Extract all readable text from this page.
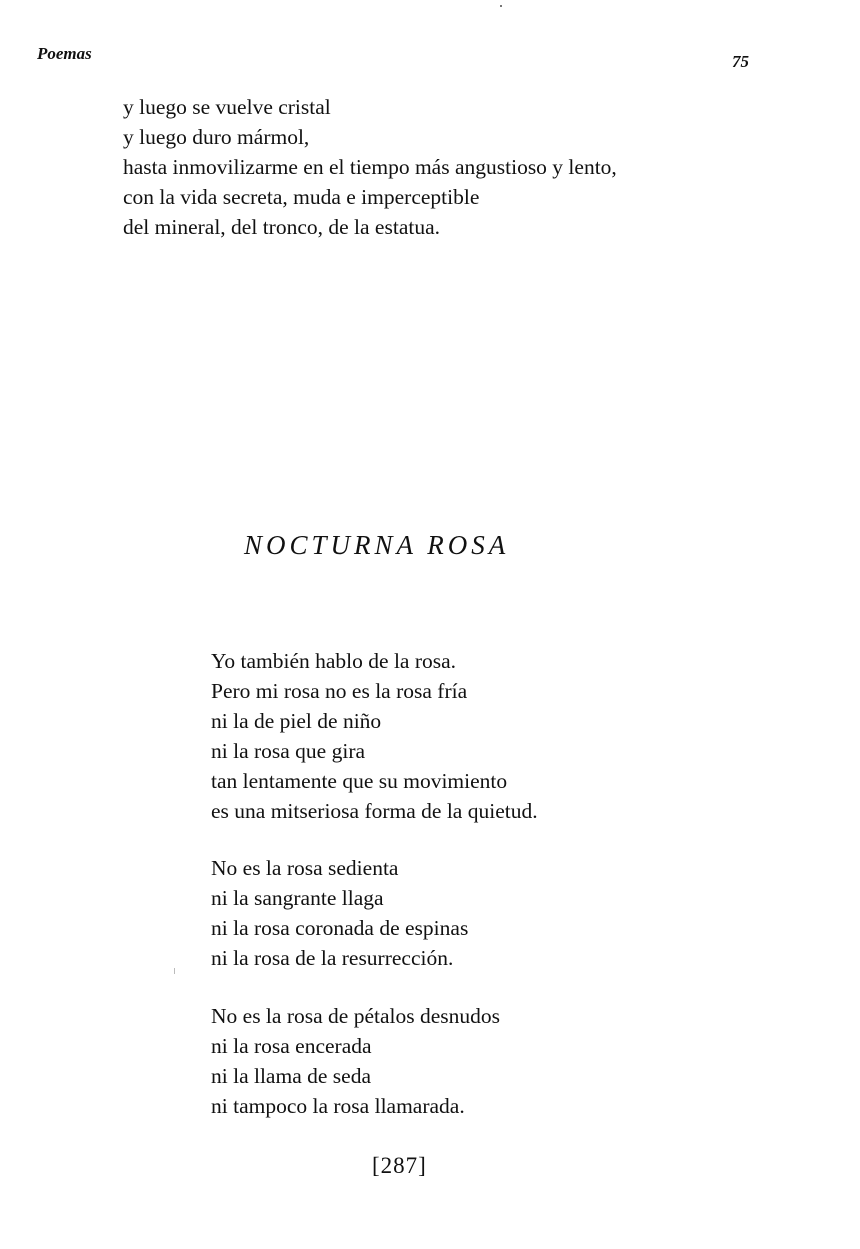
Poemas	75
y luego se vuelve cristal
y luego duro mármol,
hasta inmovilizarme en el tiempo más angustioso y lento,
con la vida secreta, muda e imperceptible
del mineral, del tronco, de la estatua.
NOCTURNA ROSA
Yo también hablo de la rosa.
Pero mi rosa no es la rosa fría
ni la de piel de niño
ni la rosa que gira
tan lentamente que su movimiento
es una mitseriosa forma de la quietud.
No es la rosa sedienta
ni la sangrante llaga
ni la rosa coronada de espinas
ni la rosa de la resurrección.
No es la rosa de pétalos desnudos
ni la rosa encerada
ni la llama de seda
ni tampoco la rosa llamarada.
[287]
